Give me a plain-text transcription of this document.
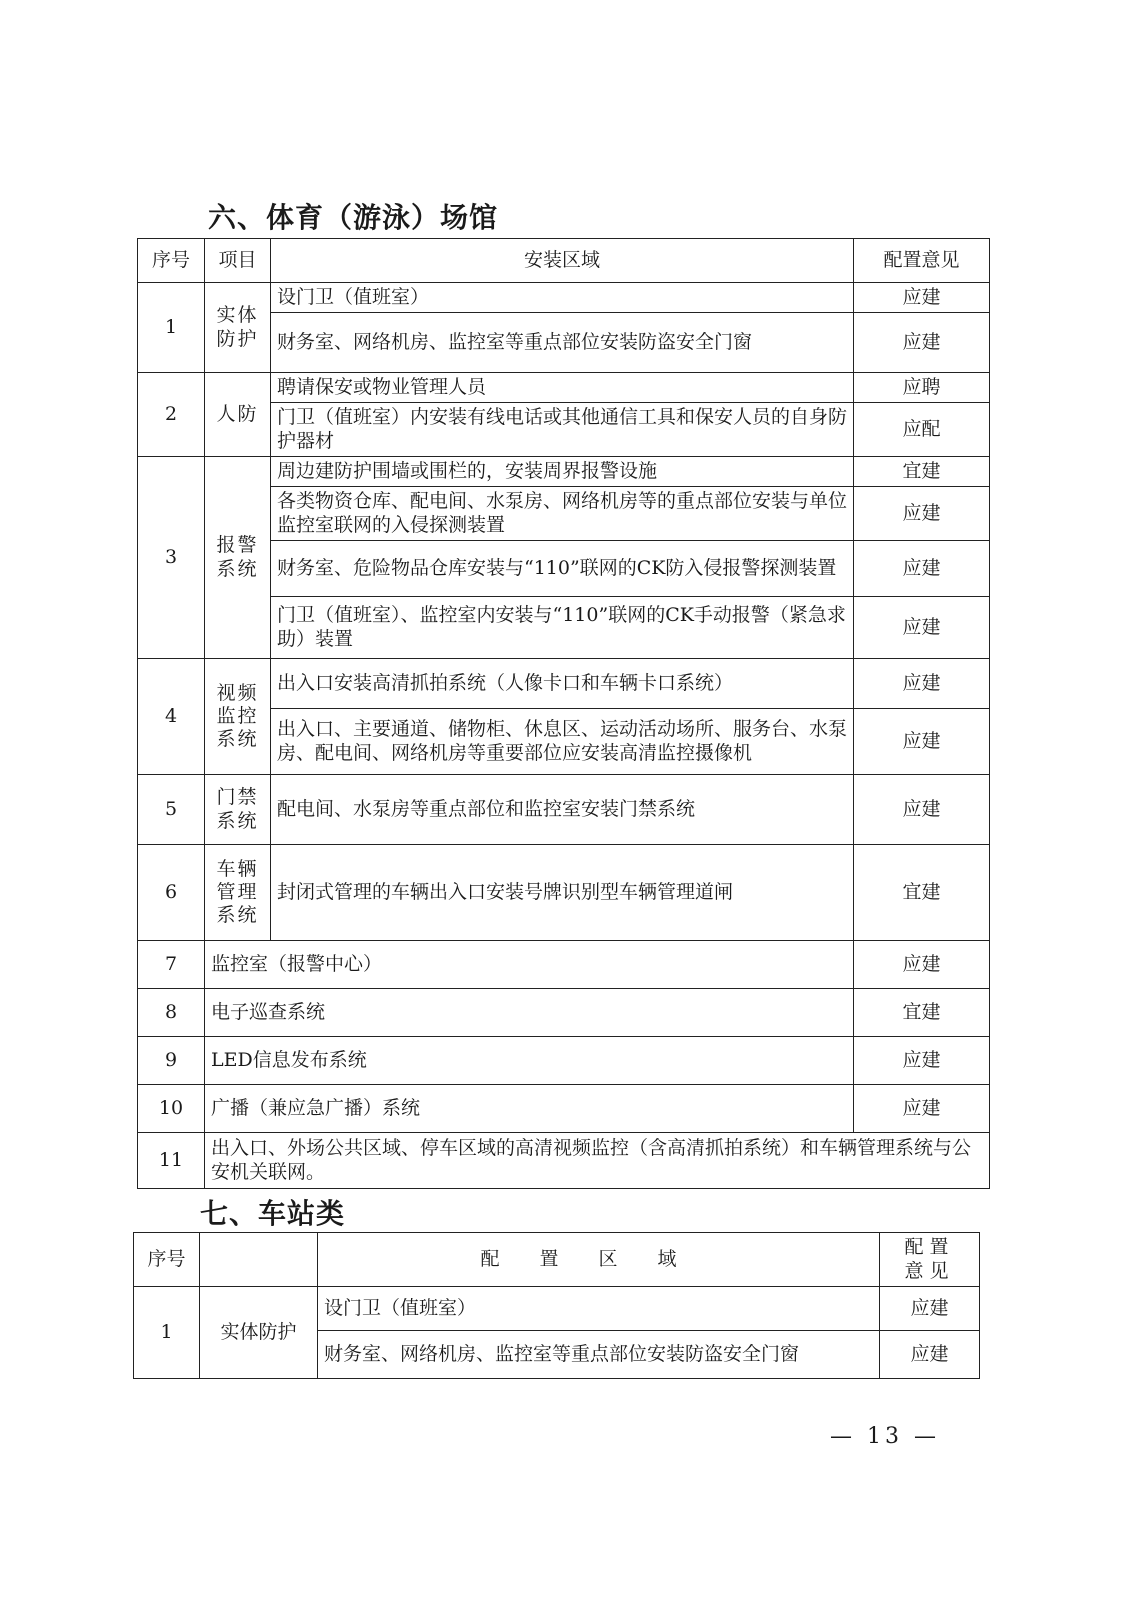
六、体育（游泳）场馆
序号	项目	安装区域	配置意见
1	实体防护	设门卫（值班室）	应建
		财务室、网络机房、监控室等重点部位安装防盗安全门窗	应建
2	人防	聘请保安或物业管理人员	应聘
		门卫（值班室）内安装有线电话或其他通信工具和保安人员的自身防护器材	应配
3	报警系统	周边建防护围墙或围栏的，安装周界报警设施	宜建
		各类物资仓库、配电间、水泵房、网络机房等的重点部位安装与单位监控室联网的入侵探测装置	应建
		财务室、危险物品仓库安装与“110”联网的CK防入侵报警探测装置	应建
		门卫（值班室）、监控室内安装与“110”联网的CK手动报警（紧急求助）装置	应建
4	视频监控系统	出入口安装高清抓拍系统（人像卡口和车辆卡口系统）	应建
		出入口、主要通道、储物柜、休息区、运动活动场所、服务台、水泵房、配电间、网络机房等重要部位应安装高清监控摄像机	应建
5	门禁系统	配电间、水泵房等重点部位和监控室安装门禁系统	应建
6	车辆管理系统	封闭式管理的车辆出入口安装号牌识别型车辆管理道闸	宜建
7	监控室（报警中心）		应建
8	电子巡查系统		宜建
9	LED信息发布系统		应建
10	广播（兼应急广播）系统		应建
11	出入口、外场公共区域、停车区域的高清视频监控（含高清抓拍系统）和车辆管理系统与公安机关联网。		
七、车站类
序号		配置区域	配置意见
1	实体防护	设门卫（值班室）	应建
		财务室、网络机房、监控室等重点部位安装防盗安全门窗	应建
— 13 —
